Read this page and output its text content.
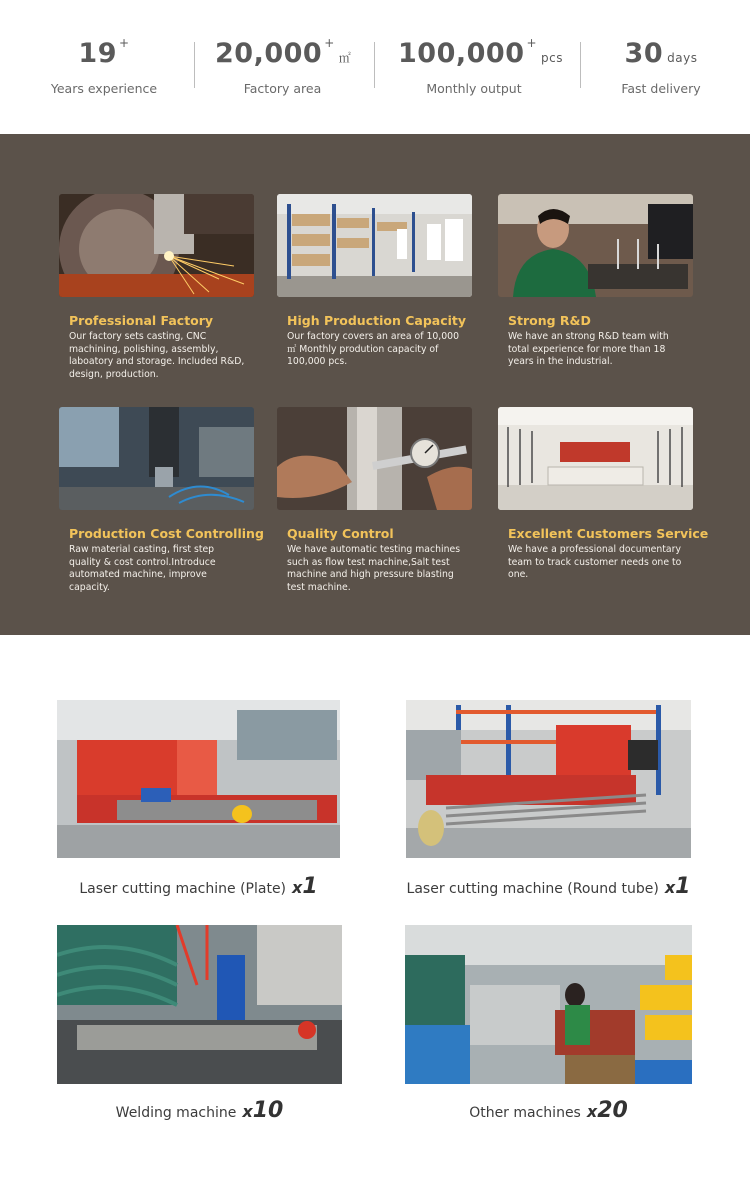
19 +
Years experience
20,000 +㎡
Factory area
100,000 +pcs
Monthly output
30 days
Fast delivery
Professional Factory
Our factory sets casting, CNC machining, polishing, assembly, laboatory and storage. Included R&D, design, production.
High Production Capacity
Our factory covers an area of 10,000 ㎡ Monthly prodution capacity of 100,000 pcs.
Strong R&D
We have an strong R&D team with total experience for more than 18 years in the industrial.
Production Cost Controlling
Raw material casting, first step quality & cost control.Introduce automated machine, improve capacity.
Quality Control
We have automatic testing machines such as flow test machine,Salt test machine and high pressure blasting test machine.
Excellent Customers Service
We have a professional documentary team to track customer needs one to one.
Laser cutting machine (Plate) x1	Laser cutting machine (Round tube) x1
Welding machine x10	Other machines x20
